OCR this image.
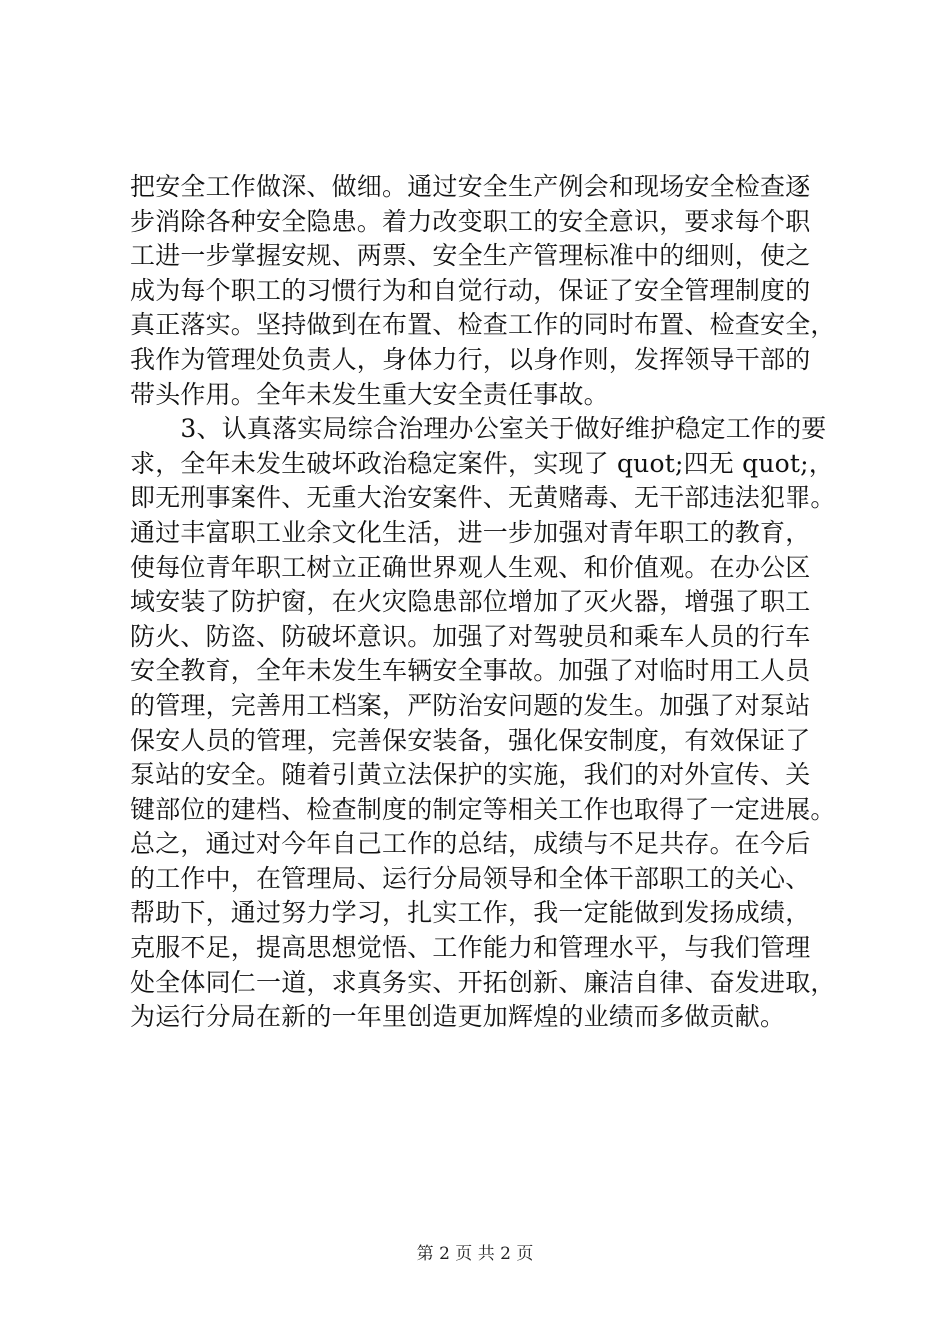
把安全工作做深、做细。通过安全生产例会和现场安全检查逐
步消除各种安全隐患。着力改变职工的安全意识，要求每个职
工进一步掌握安规、两票、安全生产管理标准中的细则，使之
成为每个职工的习惯行为和自觉行动，保证了安全管理制度的
真正落实。坚持做到在布置、检查工作的同时布置、检查安全，
我作为管理处负责人，身体力行，以身作则，发挥领导干部的
带头作用。全年未发生重大安全责任事故。
　　3、认真落实局综合治理办公室关于做好维护稳定工作的要
求，全年未发生破坏政治稳定案件，实现了 quot;四无 quot;，
即无刑事案件、无重大治安案件、无黄赌毒、无干部违法犯罪。
通过丰富职工业余文化生活，进一步加强对青年职工的教育，
使每位青年职工树立正确世界观人生观、和价值观。在办公区
域安装了防护窗，在火灾隐患部位增加了灭火器，增强了职工
防火、防盗、防破坏意识。加强了对驾驶员和乘车人员的行车
安全教育，全年未发生车辆安全事故。加强了对临时用工人员
的管理，完善用工档案，严防治安问题的发生。加强了对泵站
保安人员的管理，完善保安装备，强化保安制度，有效保证了
泵站的安全。随着引黄立法保护的实施，我们的对外宣传、关
键部位的建档、检查制度的制定等相关工作也取得了一定进展。
总之，通过对今年自己工作的总结，成绩与不足共存。在今后
的工作中，在管理局、运行分局领导和全体干部职工的关心、
帮助下，通过努力学习，扎实工作，我一定能做到发扬成绩，
克服不足，提高思想觉悟、工作能力和管理水平，与我们管理
处全体同仁一道，求真务实、开拓创新、廉洁自律、奋发进取，
为运行分局在新的一年里创造更加辉煌的业绩而多做贡献。
第 2 页 共 2 页
